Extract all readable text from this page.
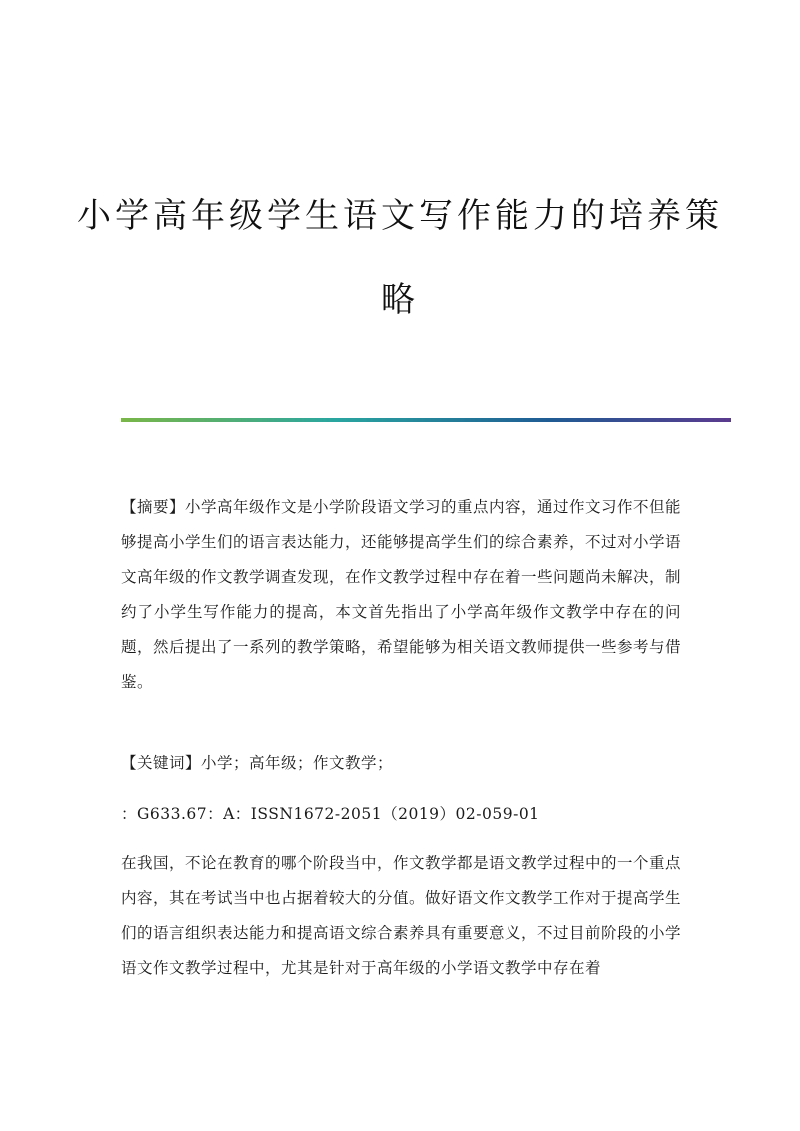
小学高年级学生语文写作能力的培养策
略

【摘要】小学高年级作文是小学阶段语文学习的重点内容，通过作文习作不但能够提高小学生们的语言表达能力，还能够提高学生们的综合素养，不过对小学语文高年级的作文教学调查发现，在作文教学过程中存在着一些问题尚未解决，制约了小学生写作能力的提高，本文首先指出了小学高年级作文教学中存在的问题，然后提出了一系列的教学策略，希望能够为相关语文教师提供一些参考与借鉴。

【关键词】小学；高年级；作文教学；

：G633.67：A：ISSN1672-2051（2019）02-059-01

在我国，不论在教育的哪个阶段当中，作文教学都是语文教学过程中的一个重点内容，其在考试当中也占据着较大的分值。做好语文作文教学工作对于提高学生们的语言组织表达能力和提高语文综合素养具有重要意义，不过目前阶段的小学语文作文教学过程中，尤其是针对于高年级的小学语文教学中存在着
